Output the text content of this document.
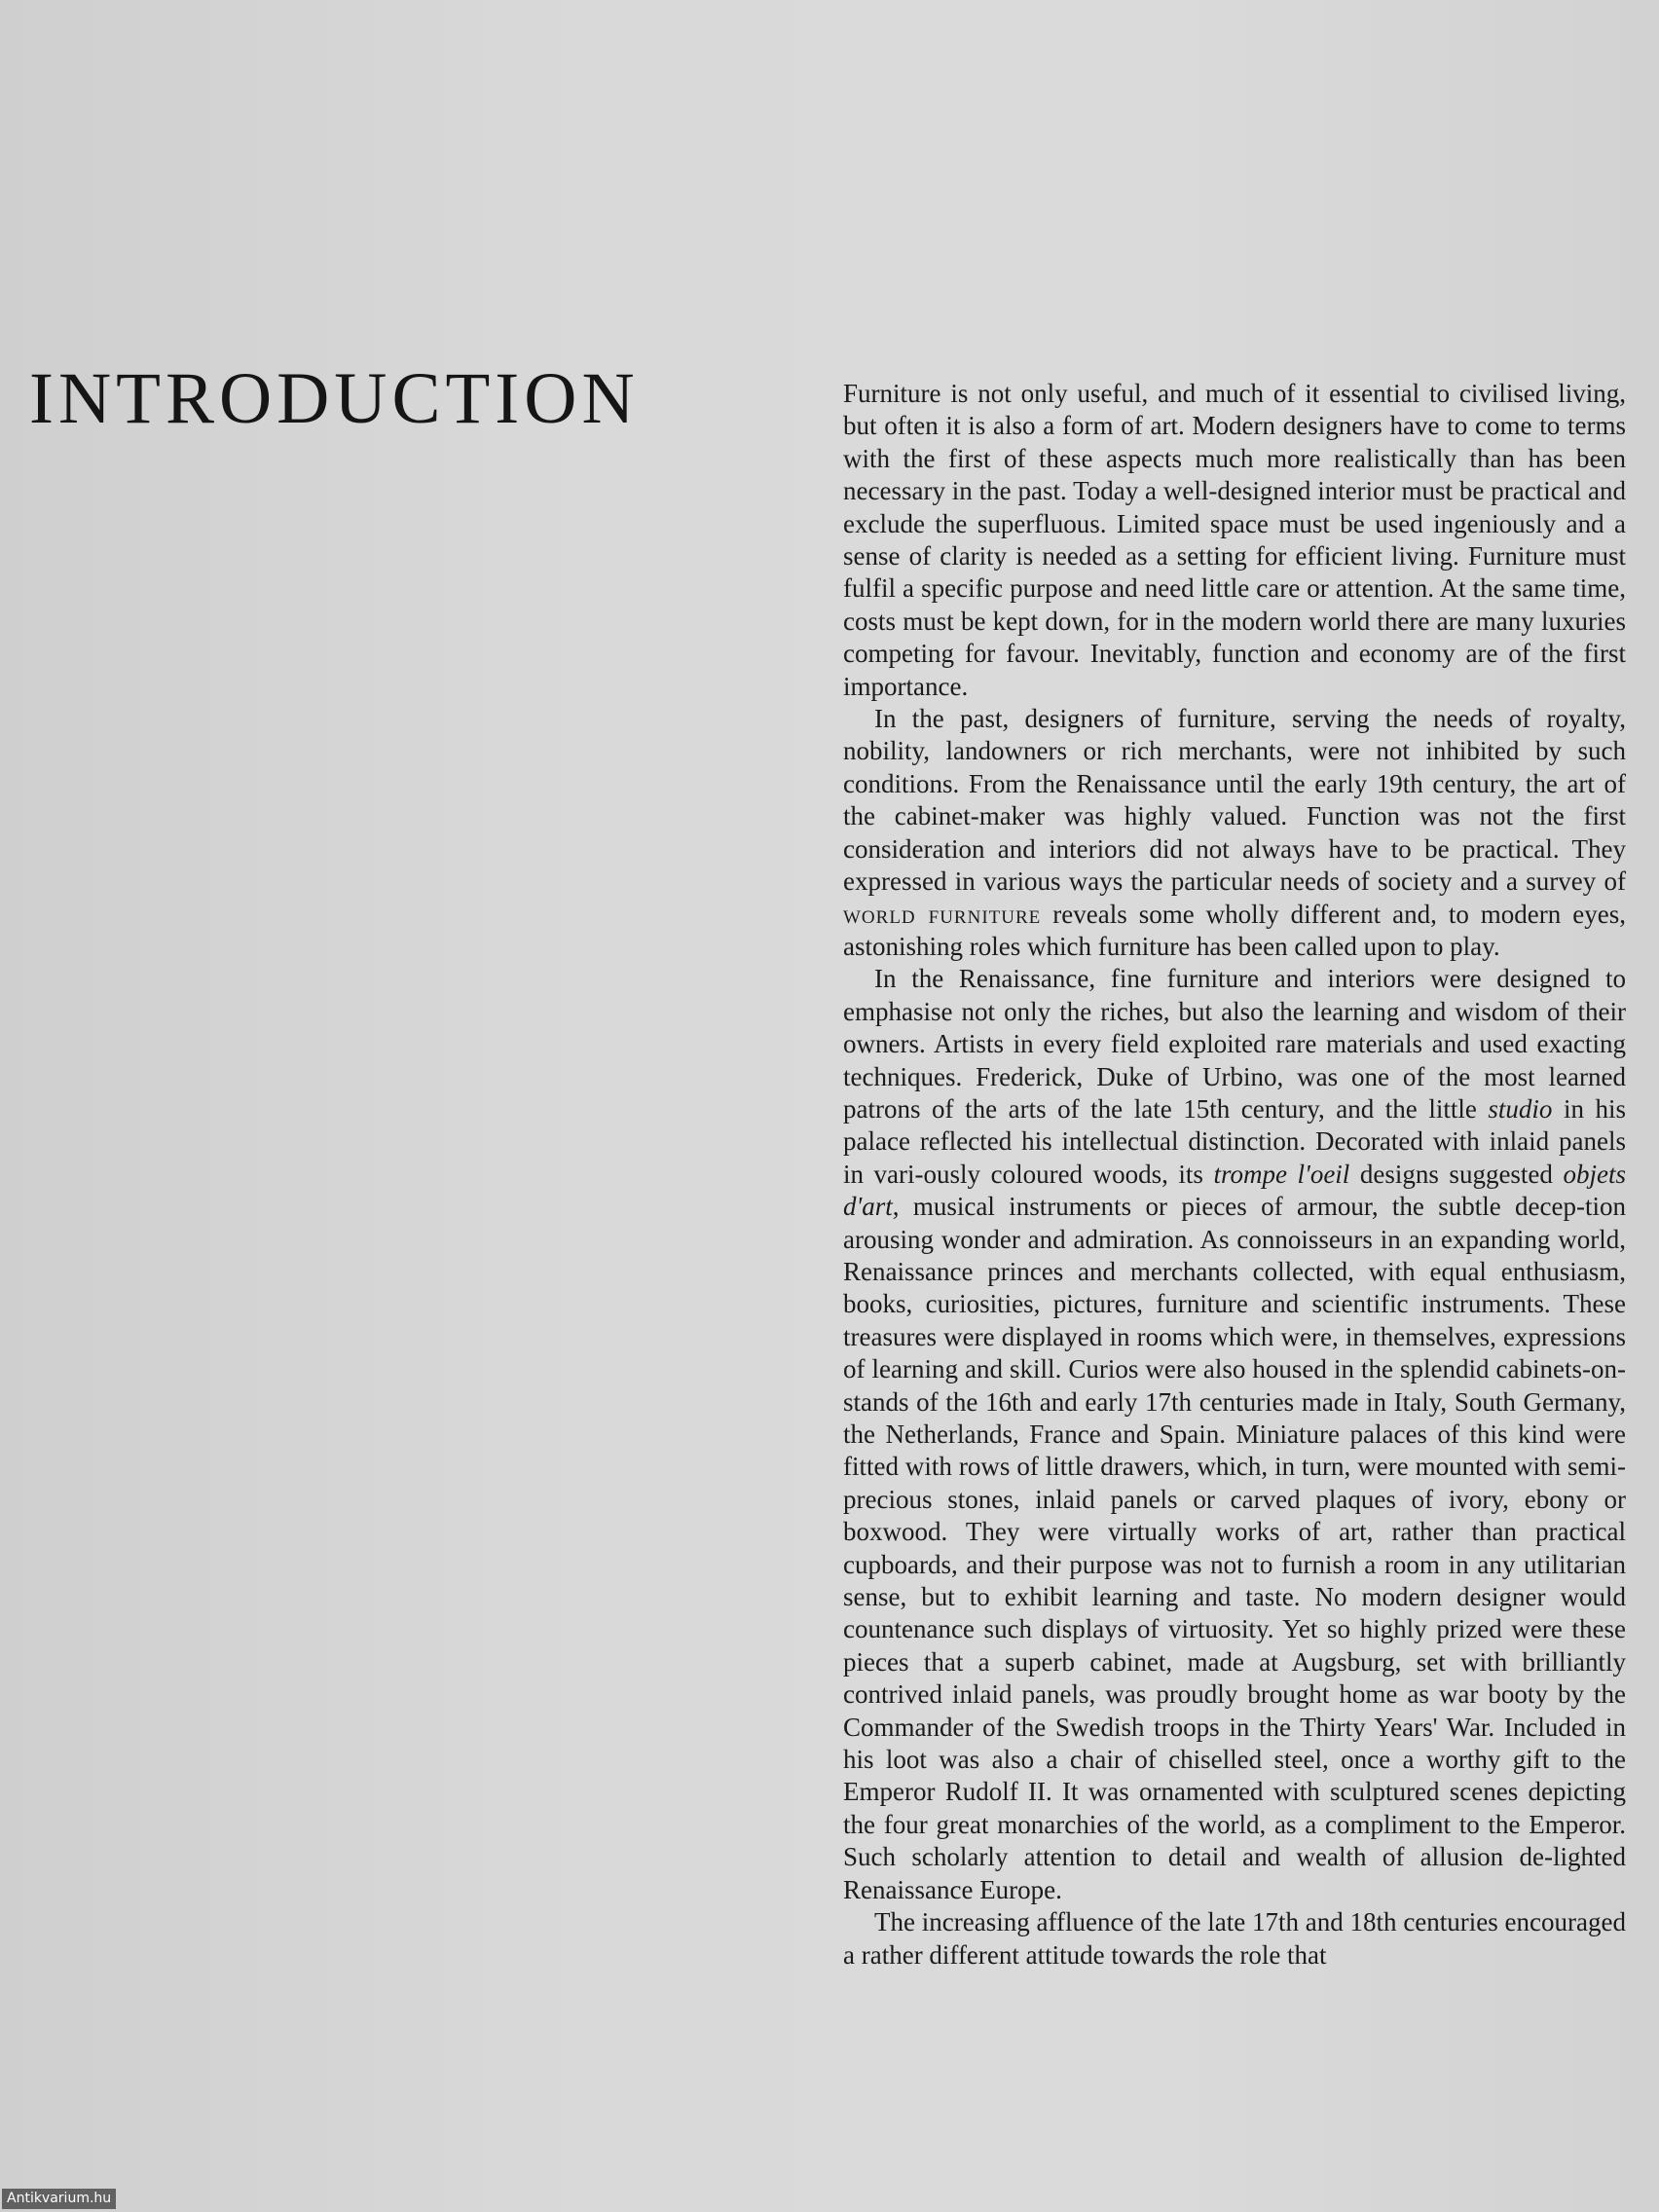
INTRODUCTION	Furniture is not only useful, and much of it essential to civilised living, but often it is also a form of art. Modern designers have to come to terms with the first of these aspects much more realistically than has been necessary in the past. Today a well-designed interior must be practical and exclude the superfluous. Limited space must be used ingeniously and a sense of clarity is needed as a setting for efficient living. Furniture must fulfil a specific purpose and need little care or attention. At the same time, costs must be kept down, for in the modern world there are many luxuries competing for favour. Inevitably, function and economy are of the first importance.

In the past, designers of furniture, serving the needs of royalty, nobility, landowners or rich merchants, were not inhibited by such conditions. From the Renaissance until the early 19th century, the art of the cabinet-maker was highly valued. Function was not the first consideration and interiors did not always have to be practical. They expressed in various ways the particular needs of society and a survey of world furniture reveals some wholly different and, to modern eyes, astonishing roles which furniture has been called upon to play.

In the Renaissance, fine furniture and interiors were designed to emphasise not only the riches, but also the learning and wisdom of their owners. Artists in every field exploited rare materials and used exacting techniques. Frederick, Duke of Urbino, was one of the most learned patrons of the arts of the late 15th century, and the little studio in his palace reflected his intellectual distinction. Decorated with inlaid panels in vari-ously coloured woods, its trompe l'oeil designs suggested objets d'art, musical instruments or pieces of armour, the subtle decep-tion arousing wonder and admiration. As connoisseurs in an expanding world, Renaissance princes and merchants collected, with equal enthusiasm, books, curiosities, pictures, furniture and scientific instruments. These treasures were displayed in rooms which were, in themselves, expressions of learning and skill. Curios were also housed in the splendid cabinets-on-stands of the 16th and early 17th centuries made in Italy, South Germany, the Netherlands, France and Spain. Miniature palaces of this kind were fitted with rows of little drawers, which, in turn, were mounted with semi-precious stones, inlaid panels or carved plaques of ivory, ebony or boxwood. They were virtually works of art, rather than practical cupboards, and their purpose was not to furnish a room in any utilitarian sense, but to exhibit learning and taste. No modern designer would countenance such displays of virtuosity. Yet so highly prized were these pieces that a superb cabinet, made at Augsburg, set with brilliantly contrived inlaid panels, was proudly brought home as war booty by the Commander of the Swedish troops in the Thirty Years' War. Included in his loot was also a chair of chiselled steel, once a worthy gift to the Emperor Rudolf II. It was ornamented with sculptured scenes depicting the four great monarchies of the world, as a compliment to the Emperor. Such scholarly attention to detail and wealth of allusion de-lighted Renaissance Europe.

The increasing affluence of the late 17th and 18th centuries encouraged a rather different attitude towards the role that

Antikvarium.hu
